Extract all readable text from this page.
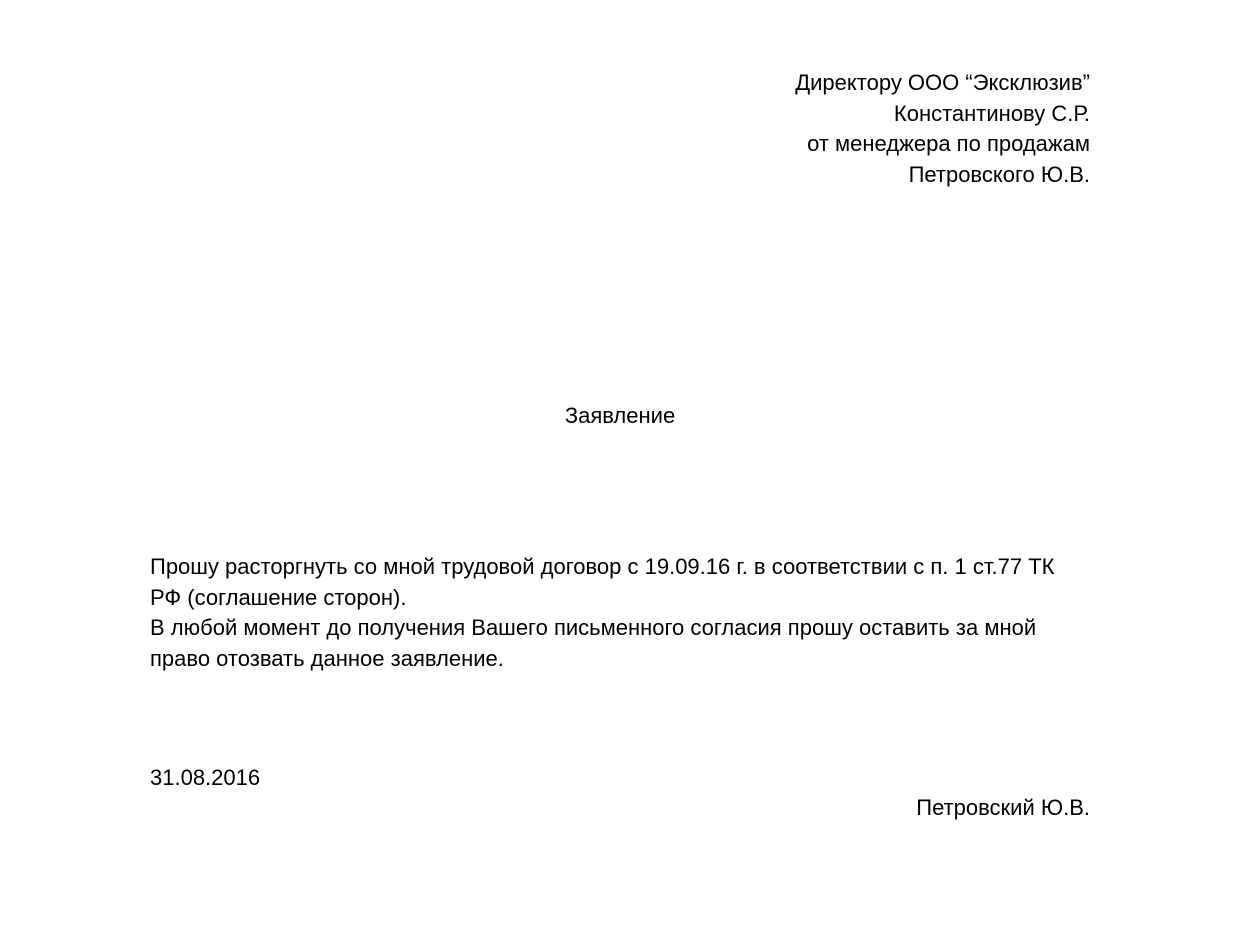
Директору ООО “Эксклюзив”
Константинову С.Р.
от менеджера по продажам
Петровского Ю.В.
Заявление

Прошу расторгнуть со мной трудовой договор с 19.09.16 г. в соответствии с п. 1 ст.77 ТК РФ (соглашение сторон).

В любой момент до получения Вашего письменного согласия прошу оставить за мной право отозвать данное заявление.

31.08.2016
Петровский Ю.В.
